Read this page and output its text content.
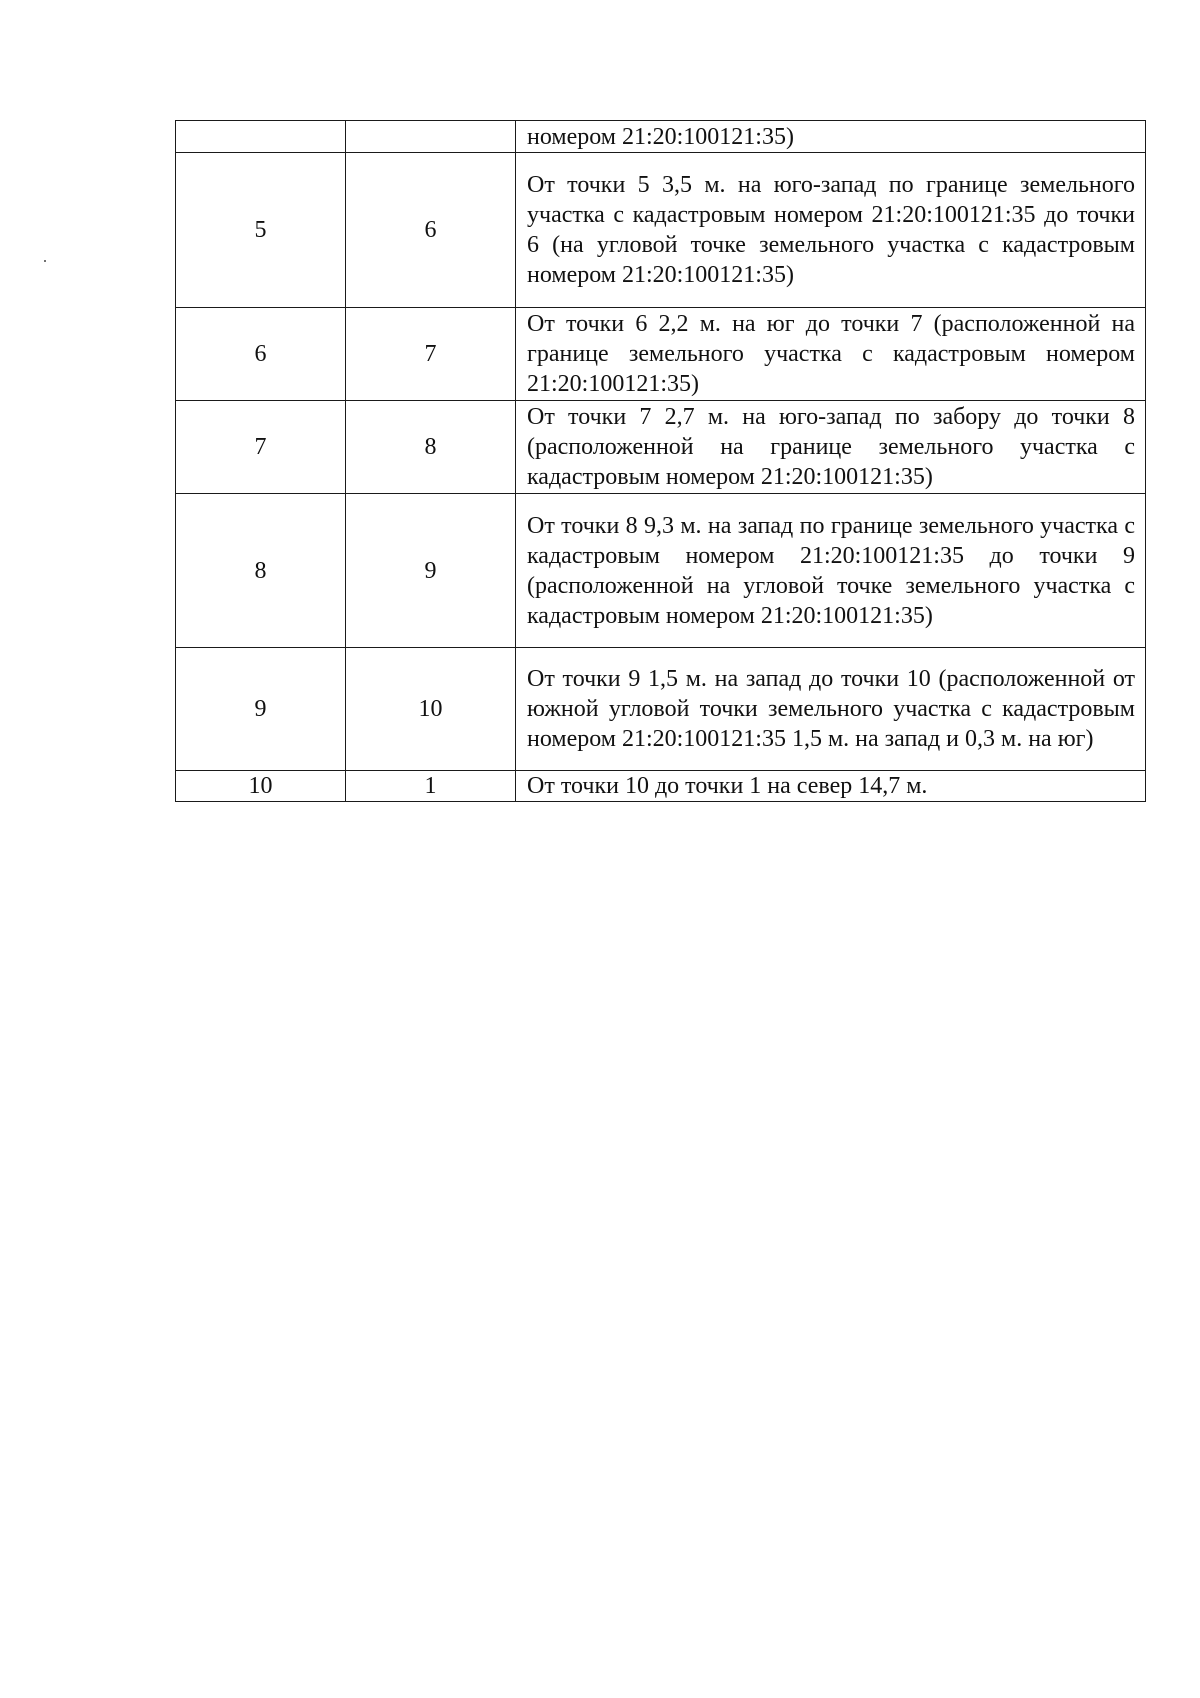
		номером 21:20:100121:35)
5	6	От точки 5 3,5 м. на юго-запад по границе земельного участка с кадастровым номером 21:20:100121:35 до точки 6 (на угловой точке земельного участка с кадастровым номером 21:20:100121:35)
6	7	От точки 6 2,2 м. на юг до точки 7 (расположенной на границе земельного участка с кадастровым номером 21:20:100121:35)
7	8	От точки 7 2,7 м. на юго-запад по забору до точки 8 (расположенной на границе земельного участка с кадастровым номером 21:20:100121:35)
8	9	От точки 8 9,3 м. на запад по границе земельного участка с кадастровым номером 21:20:100121:35 до точки 9 (расположенной на угловой точке земельного участка с кадастровым номером 21:20:100121:35)
9	10	От точки 9 1,5 м. на запад до точки 10 (расположенной от южной угловой точки земельного участка с кадастровым номером 21:20:100121:35 1,5 м. на запад и 0,3 м. на юг)
10	1	От точки 10 до точки 1 на север 14,7 м.
